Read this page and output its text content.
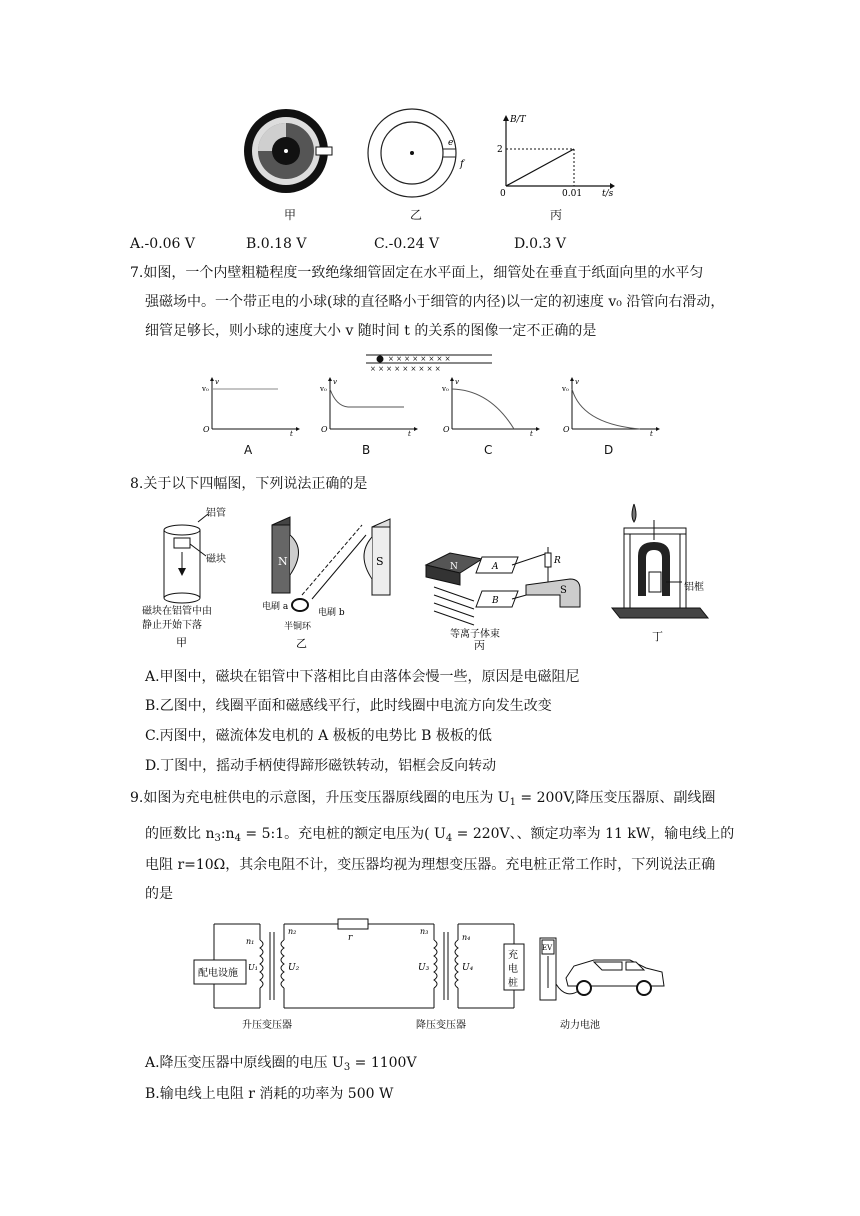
甲
e
f
乙
B/T
2
0	0.01 t/s
丙
A.-0.06 V	B.0.18 V	C.-0.24 V	D.0.3 V
7.如图，一个内壁粗糙程度一致绝缘细管固定在水平面上，细管处在垂直于纸面向里的水平匀
强磁场中。一个带正电的小球(球的直径略小于细管的内径)以一定的初速度 v₀ 沿管向右滑动，
细管足够长，则小球的速度大小 v 随时间 t 的关系的图像一定不正确的是
× × × × × × × ×
× × × × × × × × ×
v₀
v
O	t
v₀
v
O	t
v₀
v
O	t
v₀
v
O	t
A	B	C	D
8.关于以下四幅图，下列说法正确的是
铝管
磁块
磁块在铝管中由
静止开始下落
甲
N	S
电刷 a
电刷 b
半铜环
乙
N	A
B
R
S
等离子体束
丙
铝框
丁
A.甲图中，磁块在铝管中下落相比自由落体会慢一些，原因是电磁阻尼
B.乙图中，线圈平面和磁感线平行，此时线圈中电流方向发生改变
C.丙图中，磁流体发电机的 A 极板的电势比 B 极板的低
D.丁图中，摇动手柄使得蹄形磁铁转动，铝框会反向转动
9.如图为充电桩供电的示意图，升压变压器原线圈的电压为 $U_1 = 200V$,降压变压器原、副线圈
的匝数比 $n_3:n_4$ = 5:1。充电桩的额定电压为( $U_4 = 220V$、、额定功率为 11 kW，输电线上的
电阻 r=10Ω，其余电阻不计，变压器均视为理想变压器。充电桩正常工作时，下列说法正确
的是
配电设施
n₁
U₁
n₂
U₂
r
n₃
U₃
n₄
U₄
充
电
桩
EV
升压变压器	降压变压器	动力电池
A.降压变压器中原线圈的电压 $U_3 = 1100V$
B.输电线上电阻 r 消耗的功率为 500 W
